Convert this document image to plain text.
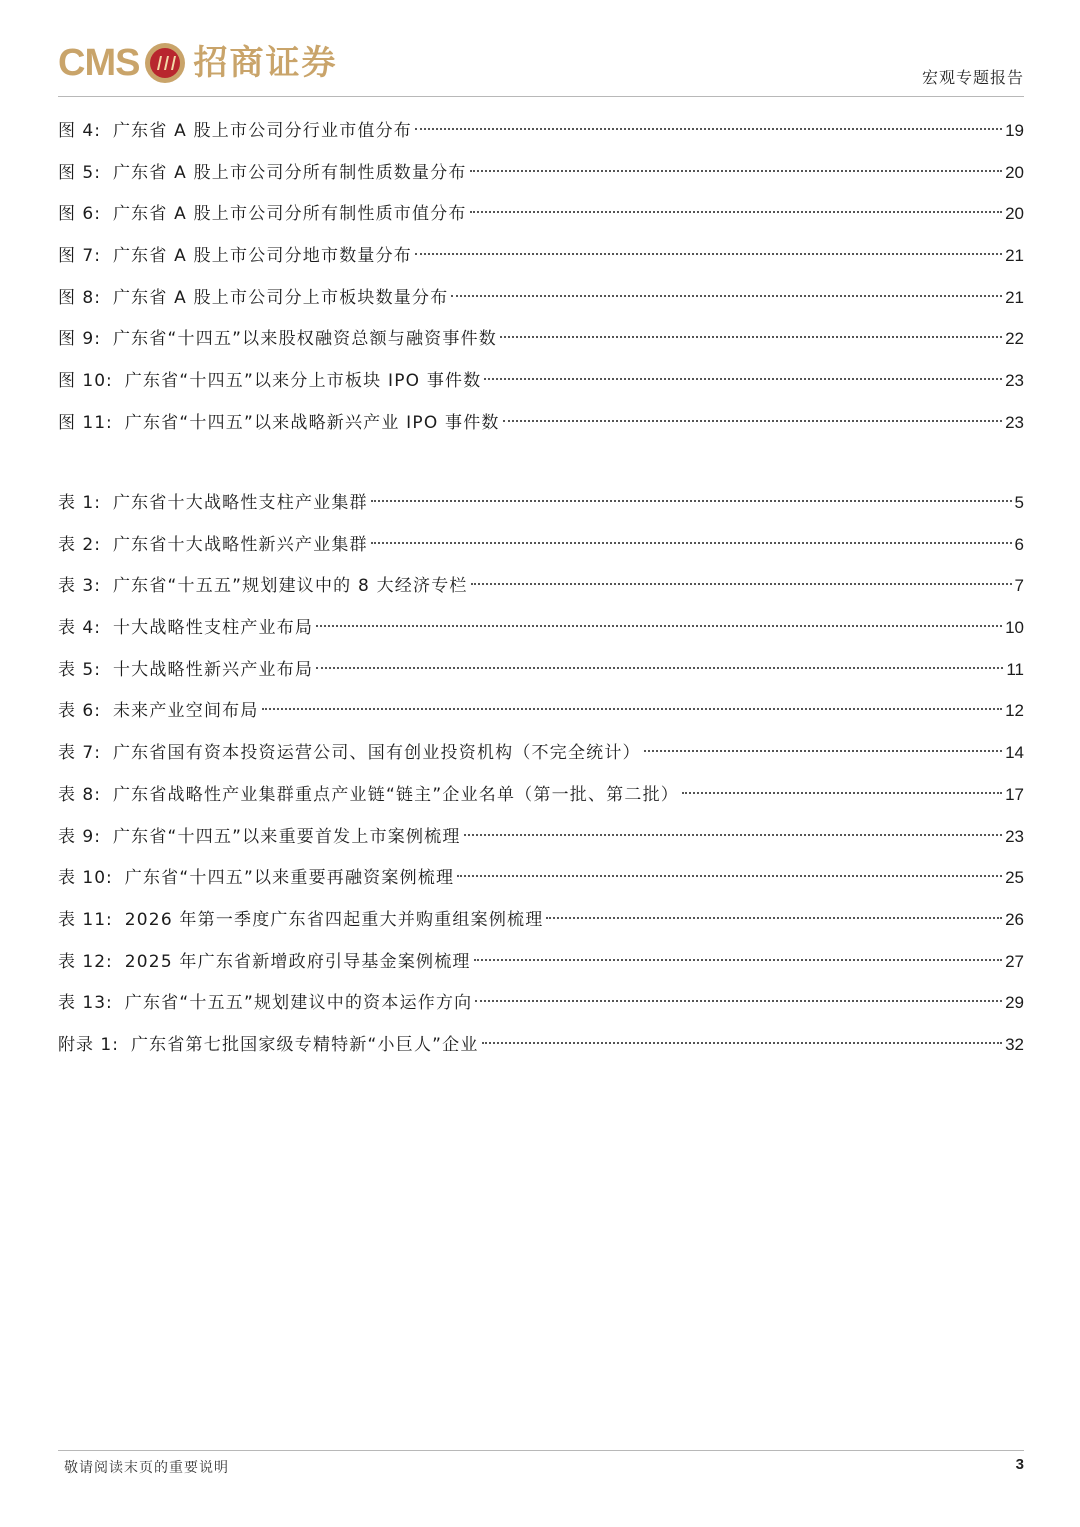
CMS 招商证券	宏观专题报告
图 4: 广东省 A 股上市公司分行业市值分布	19
图 5: 广东省 A 股上市公司分所有制性质数量分布	20
图 6: 广东省 A 股上市公司分所有制性质市值分布	20
图 7: 广东省 A 股上市公司分地市数量分布	21
图 8: 广东省 A 股上市公司分上市板块数量分布	21
图 9: 广东省“十四五”以来股权融资总额与融资事件数	22
图 10: 广东省“十四五”以来分上市板块 IPO 事件数	23
图 11: 广东省“十四五”以来战略新兴产业 IPO 事件数	23
表 1: 广东省十大战略性支柱产业集群	5
表 2: 广东省十大战略性新兴产业集群	6
表 3: 广东省“十五五”规划建议中的 8 大经济专栏	7
表 4: 十大战略性支柱产业布局	10
表 5: 十大战略性新兴产业布局	11
表 6: 未来产业空间布局	12
表 7: 广东省国有资本投资运营公司、国有创业投资机构（不完全统计）	14
表 8: 广东省战略性产业集群重点产业链“链主”企业名单（第一批、第二批）	17
表 9: 广东省“十四五”以来重要首发上市案例梳理	23
表 10: 广东省“十四五”以来重要再融资案例梳理	25
表 11: 2026 年第一季度广东省四起重大并购重组案例梳理	26
表 12: 2025 年广东省新增政府引导基金案例梳理	27
表 13: 广东省“十五五”规划建议中的资本运作方向	29
附录 1: 广东省第七批国家级专精特新“小巨人”企业	32
敬请阅读末页的重要说明	3
